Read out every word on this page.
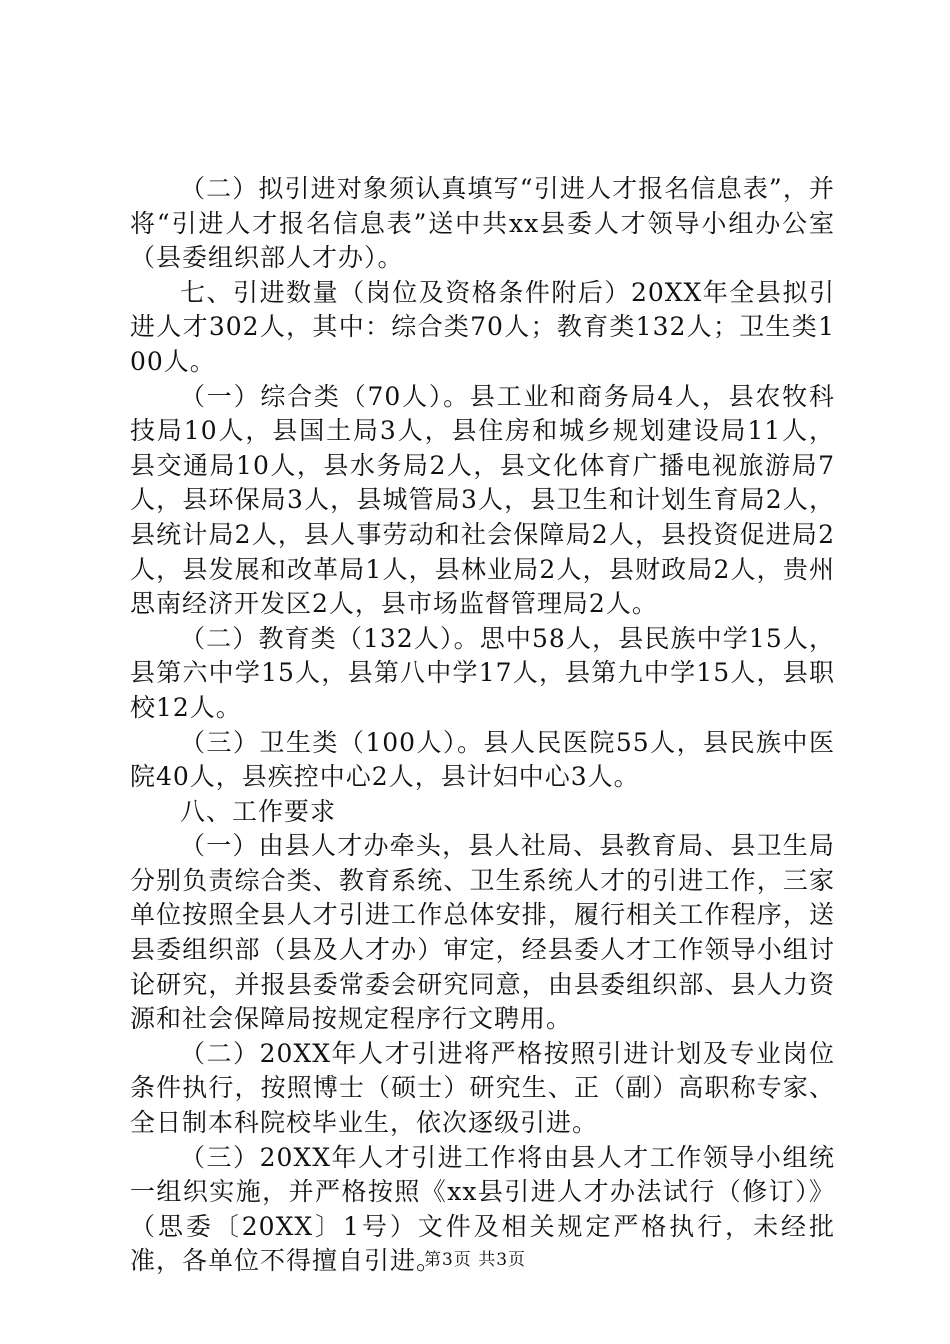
（二）拟引进对象须认真填写“引进人才报名信息表”，并将“引进人才报名信息表”送中共xx县委人才领导小组办公室（县委组织部人才办）。

七、引进数量（岗位及资格条件附后）20XX年全县拟引进人才302人，其中：综合类70人；教育类132人；卫生类100人。

（一）综合类（70人）。县工业和商务局4人，县农牧科技局10人，县国土局3人，县住房和城乡规划建设局11人，县交通局10人，县水务局2人，县文化体育广播电视旅游局7人，县环保局3人，县城管局3人，县卫生和计划生育局2人，县统计局2人，县人事劳动和社会保障局2人，县投资促进局2人，县发展和改革局1人，县林业局2人，县财政局2人，贵州思南经济开发区2人，县市场监督管理局2人。

（二）教育类（132人）。思中58人，县民族中学15人，县第六中学15人，县第八中学17人，县第九中学15人，县职校12人。

（三）卫生类（100人）。县人民医院55人，县民族中医院40人，县疾控中心2人，县计妇中心3人。

八、工作要求

（一）由县人才办牵头，县人社局、县教育局、县卫生局分别负责综合类、教育系统、卫生系统人才的引进工作，三家单位按照全县人才引进工作总体安排，履行相关工作程序，送县委组织部（县及人才办）审定，经县委人才工作领导小组讨论研究，并报县委常委会研究同意，由县委组织部、县人力资源和社会保障局按规定程序行文聘用。

（二）20XX年人才引进将严格按照引进计划及专业岗位条件执行，按照博士（硕士）研究生、正（副）高职称专家、全日制本科院校毕业生，依次逐级引进。

（三）20XX年人才引进工作将由县人才工作领导小组统一组织实施，并严格按照《xx县引进人才办法试行（修订）》（思委〔20XX〕1号）文件及相关规定严格执行，未经批准，各单位不得擅自引进。

第3页 共3页
